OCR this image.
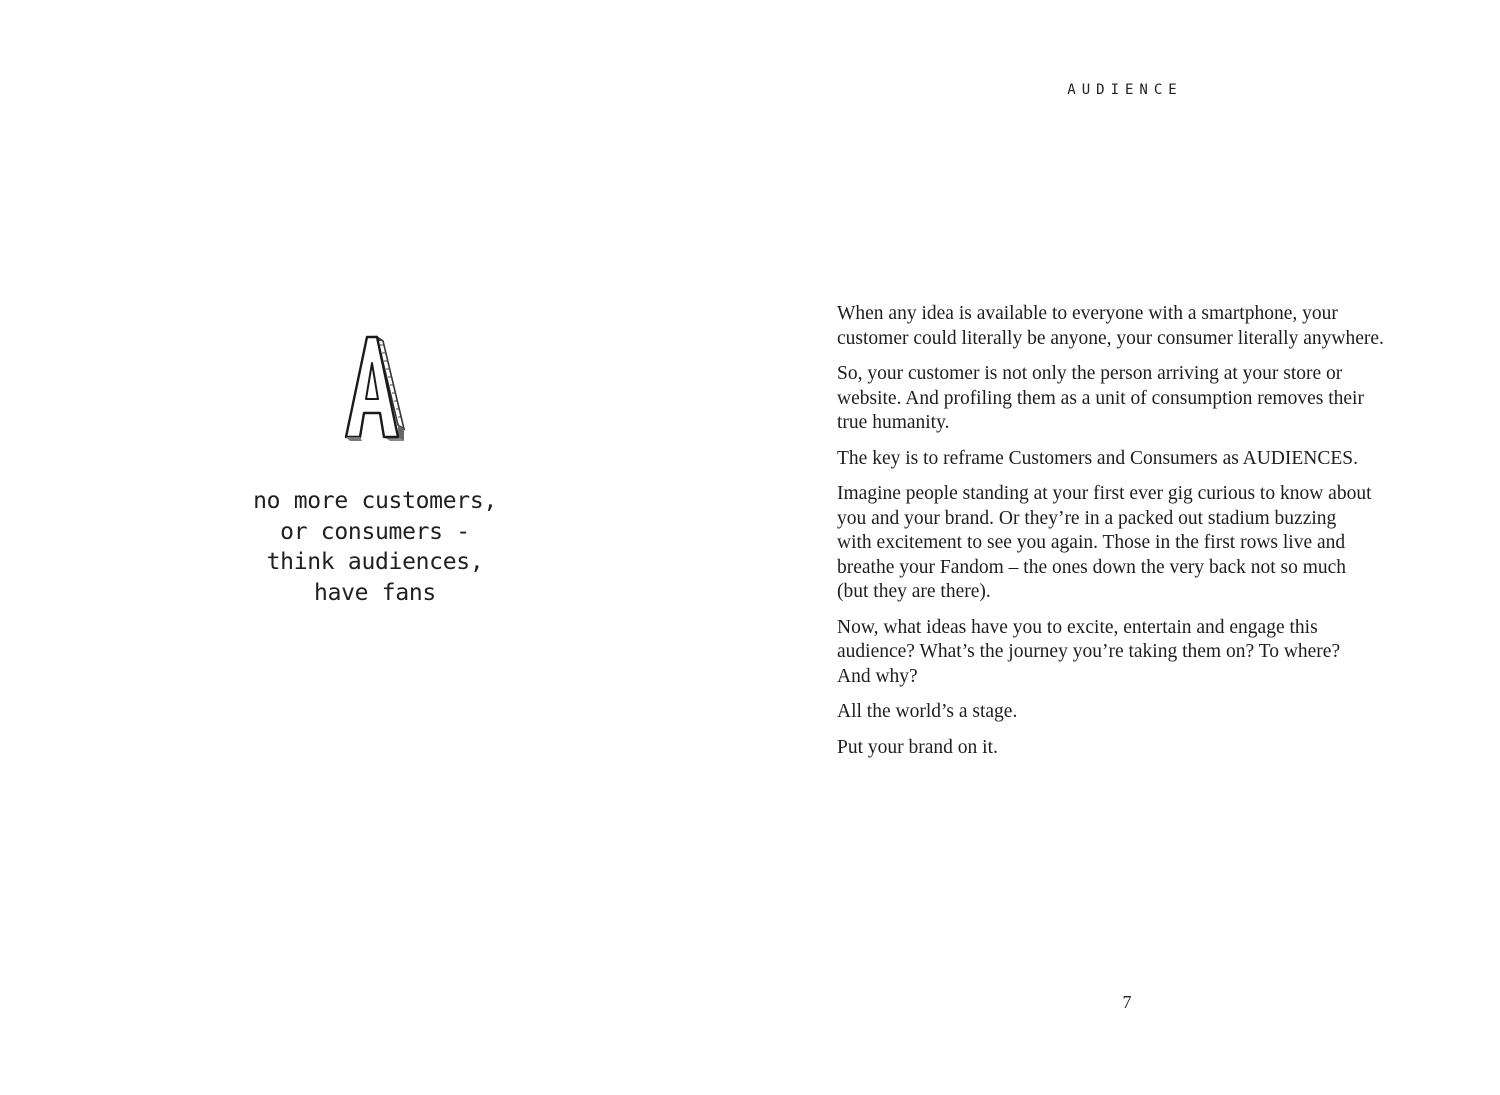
no more customers,
or consumers -
think audiences,
have fans
AUDIENCE

When any idea is available to everyone with a smartphone, your
customer could literally be anyone, your consumer literally anywhere.

So, your customer is not only the person arriving at your store or
website. And profiling them as a unit of consumption removes their
true humanity.

The key is to reframe Customers and Consumers as AUDIENCES.

Imagine people standing at your first ever gig curious to know about
you and your brand. Or they’re in a packed out stadium buzzing
with excitement to see you again. Those in the first rows live and
breathe your Fandom – the ones down the very back not so much
(but they are there).

Now, what ideas have you to excite, entertain and engage this
audience? What’s the journey you’re taking them on? To where?
And why?

All the world’s a stage.

Put your brand on it.

7
